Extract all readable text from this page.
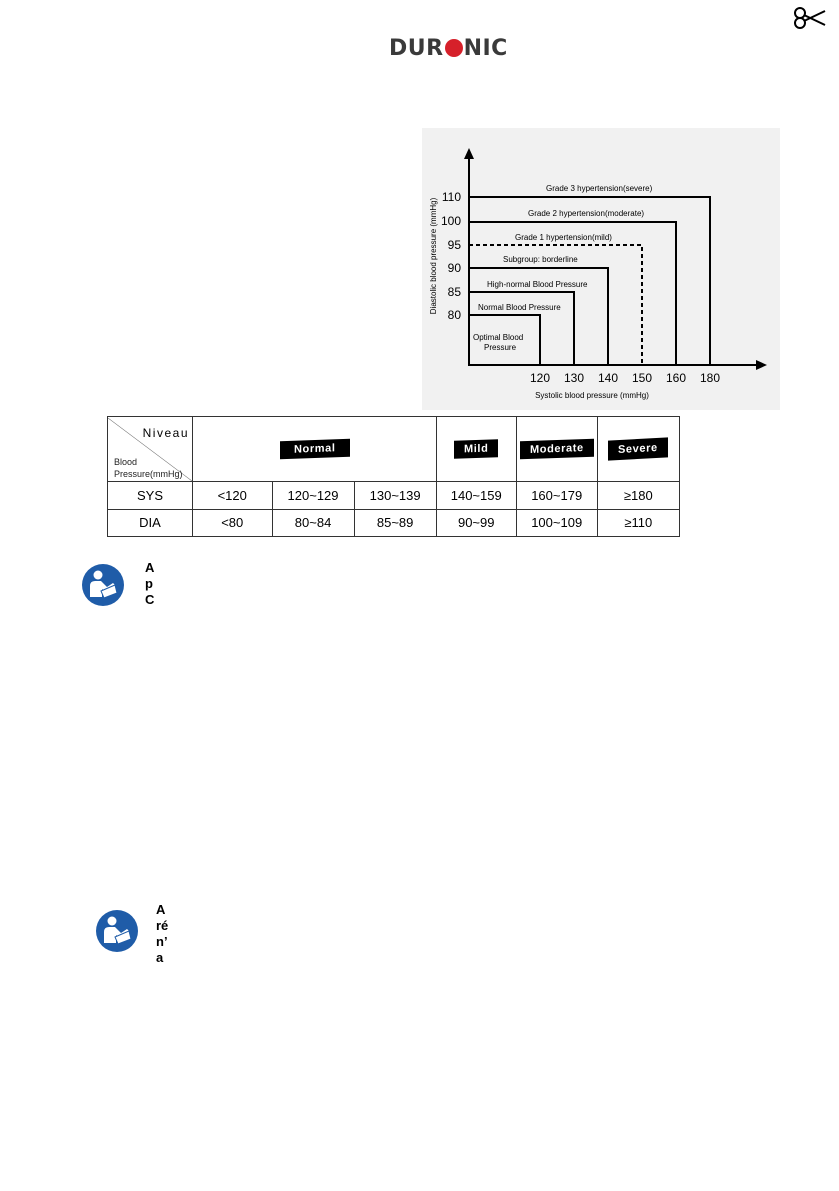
DUR NIC
110
100
95
90
85
80
120 130 140 150 160 180
Systolic blood pressure (mmHg)
Diastolic blood pressure (mmHg)
Grade 3 hypertension(severe)
Grade 2 hypertension(moderate)
Grade 1 hypertension(mild)
Subgroup: borderline
High-normal Blood Pressure
Normal Blood Pressure
Optimal Blood
Pressure
Niveau
Blood
Pressure(mmHg)	Normal			Mild	Moderate	Severe
SYS	<120	120~129	130~139	140~159	160~179	≥180
DIA	<80	80~84	85~89	90~99	100~109	≥110
A
p
C
A
ré
n’
a
